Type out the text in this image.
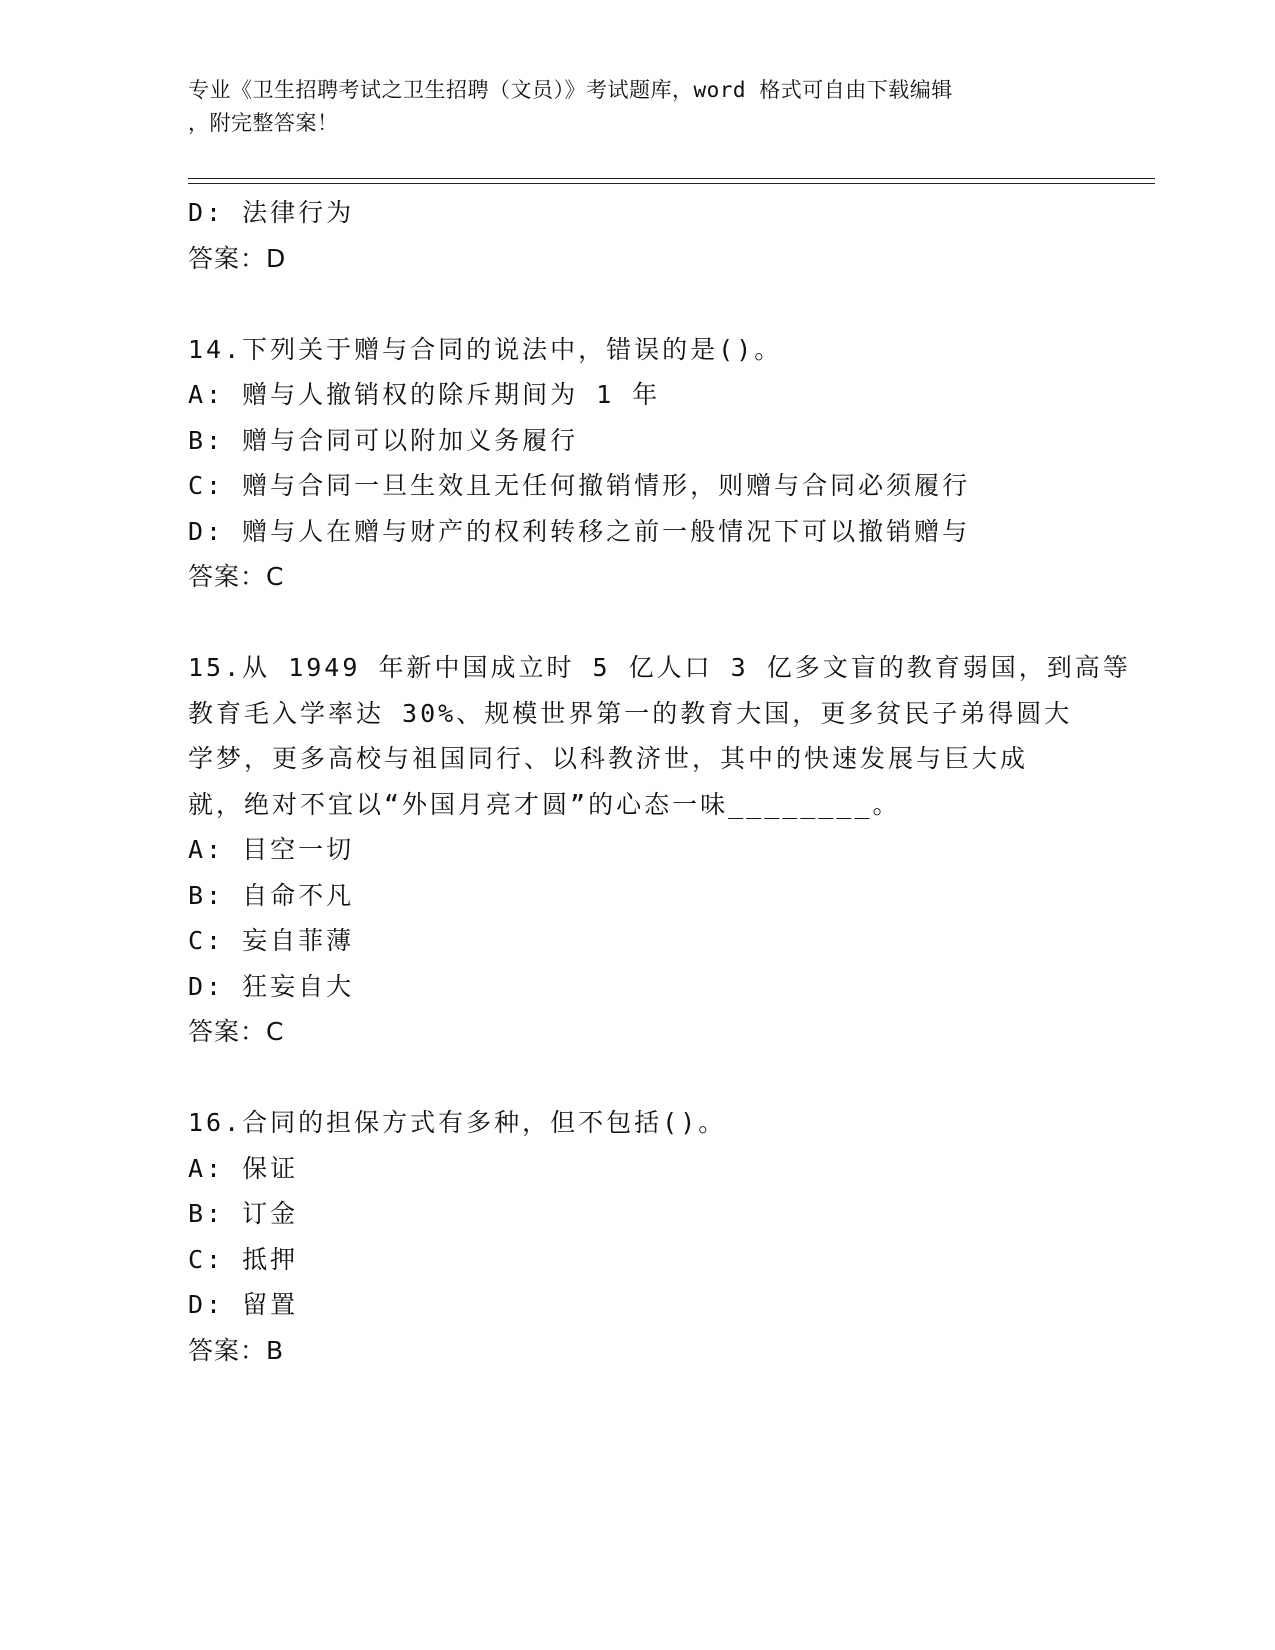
专业《卫生招聘考试之卫生招聘（文员）》考试题库，word 格式可自由下载编辑
，附完整答案！
D: 法律行为
答案：D
14.下列关于赠与合同的说法中，错误的是()。
A: 赠与人撤销权的除斥期间为 1 年
B: 赠与合同可以附加义务履行
C: 赠与合同一旦生效且无任何撤销情形，则赠与合同必须履行
D: 赠与人在赠与财产的权利转移之前一般情况下可以撤销赠与
答案：C
15.从 1949 年新中国成立时 5 亿人口 3 亿多文盲的教育弱国，到高等
教育毛入学率达 30%、规模世界第一的教育大国，更多贫民子弟得圆大
学梦，更多高校与祖国同行、以科教济世，其中的快速发展与巨大成
就，绝对不宜以“外国月亮才圆”的心态一味________。
A: 目空一切
B: 自命不凡
C: 妄自菲薄
D: 狂妄自大
答案：C
16.合同的担保方式有多种，但不包括()。
A: 保证
B: 订金
C: 抵押
D: 留置
答案：B
